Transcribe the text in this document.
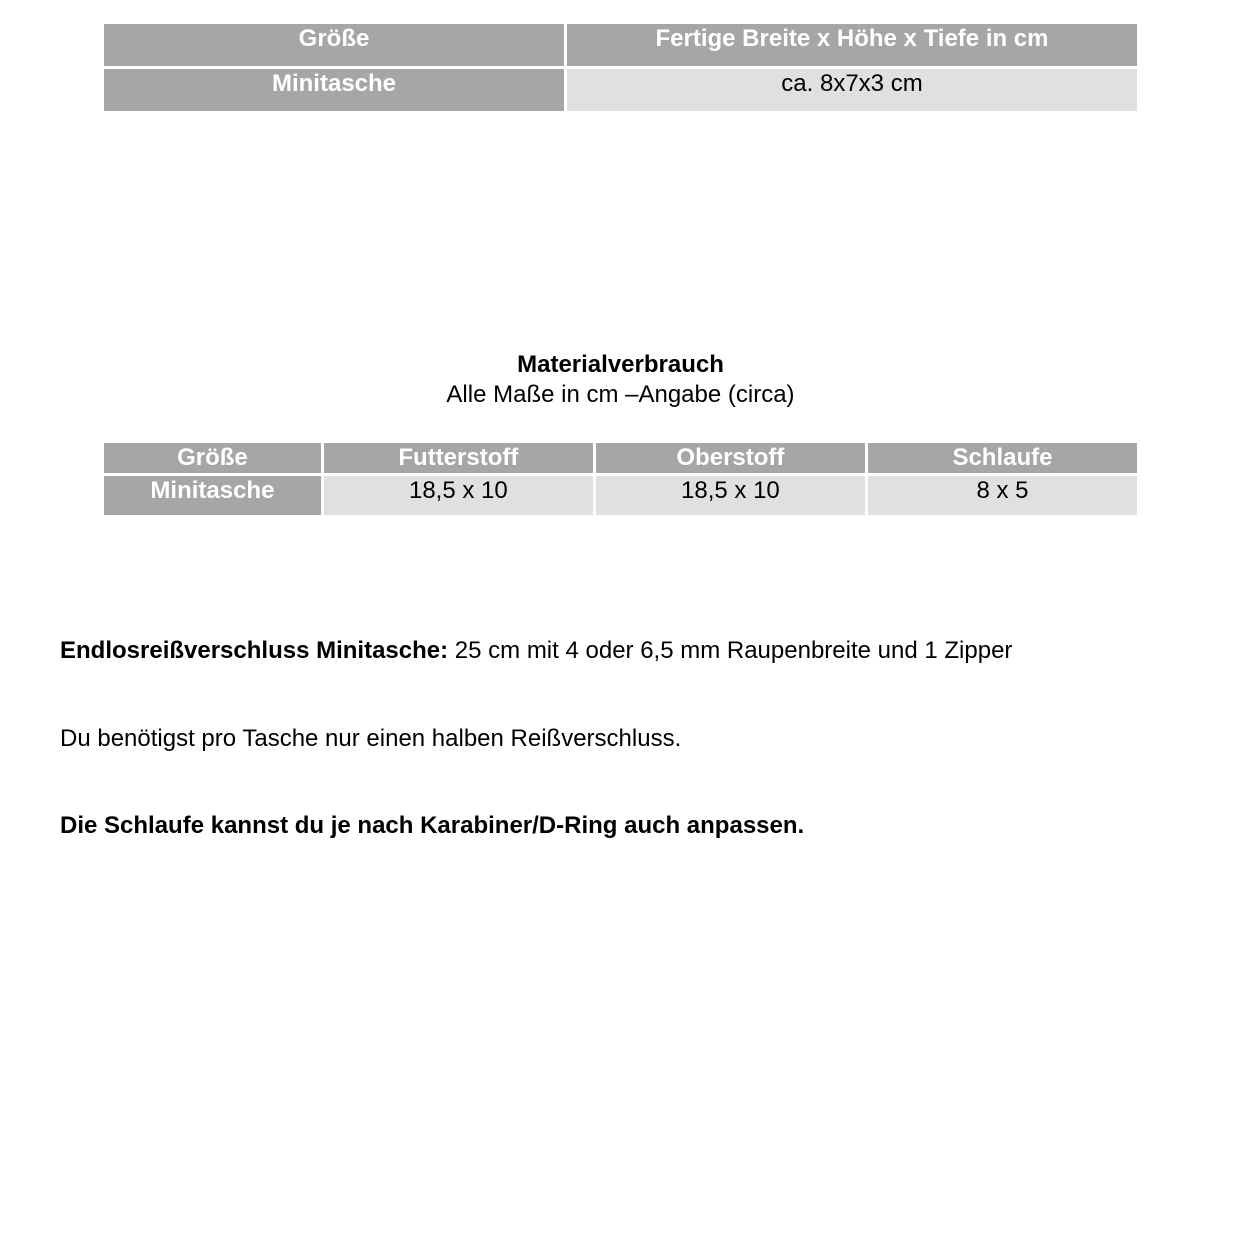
Größe	Fertige Breite x Höhe x Tiefe in cm
Minitasche	ca. 8x7x3 cm
Materialverbrauch
Alle Maße in cm –Angabe (circa)
Größe	Futterstoff	Oberstoff	Schlaufe
Minitasche	18,5 x 10	18,5 x 10	8 x 5
Endlosreißverschluss Minitasche: 25 cm mit 4 oder 6,5 mm Raupenbreite und 1 Zipper
Du benötigst pro Tasche nur einen halben Reißverschluss.
Die Schlaufe kannst du je nach Karabiner/D-Ring auch anpassen.
